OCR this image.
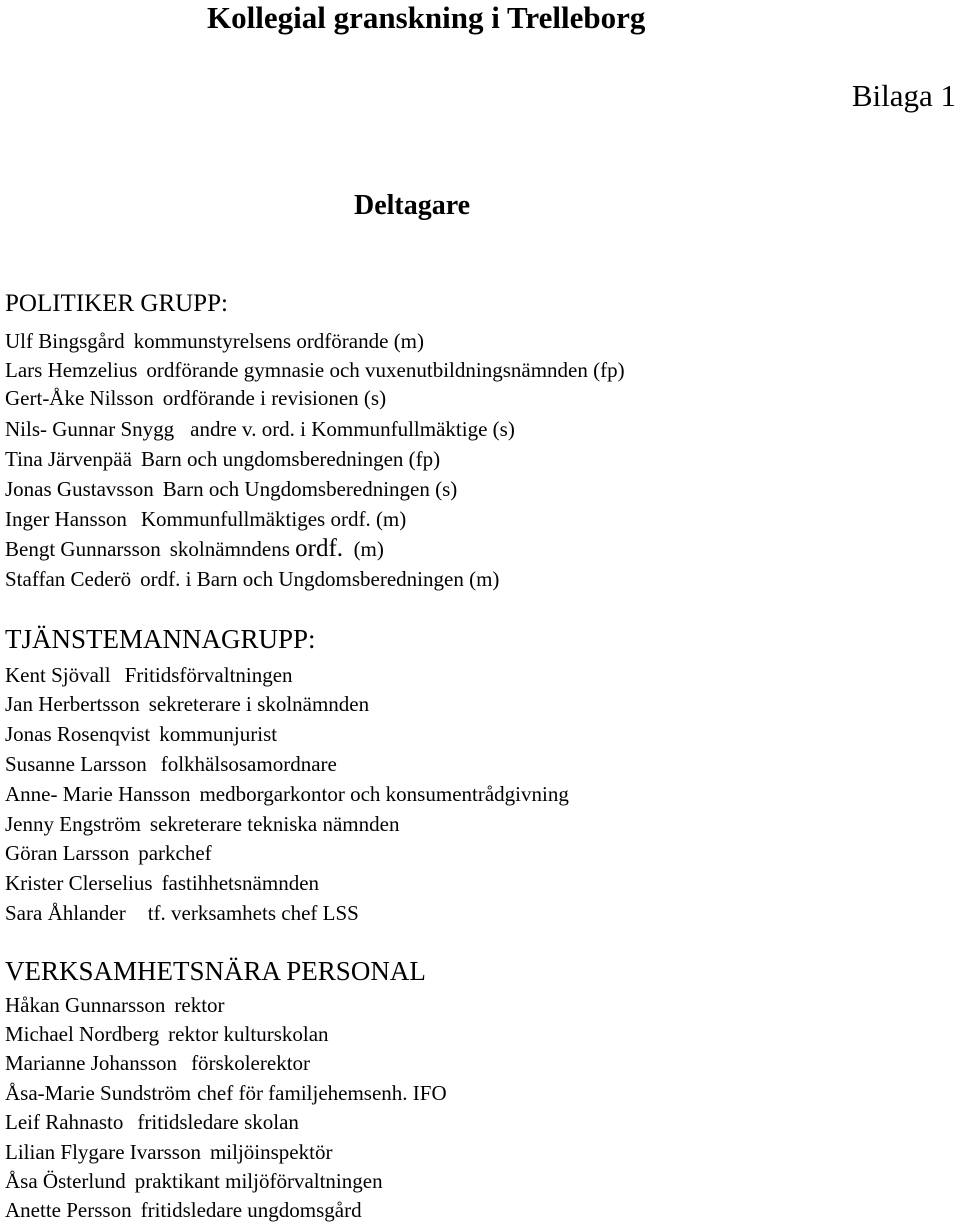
Kollegial granskning i Trelleborg
Bilaga 1
Deltagare
POLITIKER GRUPP:
Ulf Bingsgård kommunstyrelsens ordförande (m)
Lars Hemzelius ordförande gymnasie och vuxenutbildningsnämnden (fp)
Gert-Åke Nilsson ordförande i revisionen (s)
Nils- Gunnar Snygg andre v. ord. i Kommunfullmäktige (s)
Tina Järvenpää Barn och ungdomsberedningen (fp)
Jonas Gustavsson Barn och Ungdomsberedningen (s)
Inger Hansson Kommunfullmäktiges ordf. (m)
Bengt Gunnarsson skolnämndens ordf. (m)
Staffan Cederö ordf. i Barn och Ungdomsberedningen (m)
TJÄNSTEMANNAGRUPP:
Kent Sjövall Fritidsförvaltningen
Jan Herbertsson sekreterare i skolnämnden
Jonas Rosenqvist kommunjurist
Susanne Larsson folkhälsosamordnare
Anne- Marie Hansson medborgarkontor och konsumentrådgivning
Jenny Engström sekreterare tekniska nämnden
Göran Larsson parkchef
Krister Clerselius fastihhetsnämnden
Sara Åhlander tf. verksamhets chef LSS
VERKSAMHETSNÄRA PERSONAL
Håkan Gunnarsson rektor
Michael Nordberg rektor kulturskolan
Marianne Johansson förskolerektor
Åsa-Marie Sundström chef för familjehemsenh. IFO
Leif Rahnasto fritidsledare skolan
Lilian Flygare Ivarsson miljöinspektör
Åsa Österlund praktikant miljöförvaltningen
Anette Persson fritidsledare ungdomsgård
